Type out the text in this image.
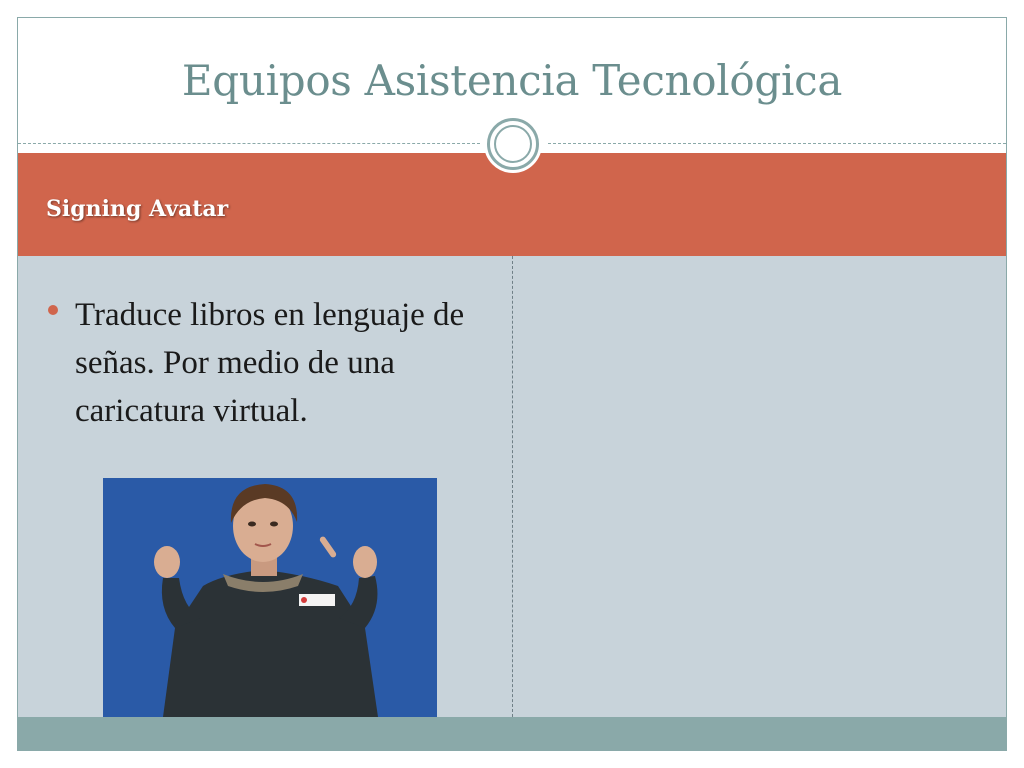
Equipos Asistencia Tecnológica
Signing Avatar
Traduce libros en lenguaje de señas. Por medio de una caricatura virtual.
